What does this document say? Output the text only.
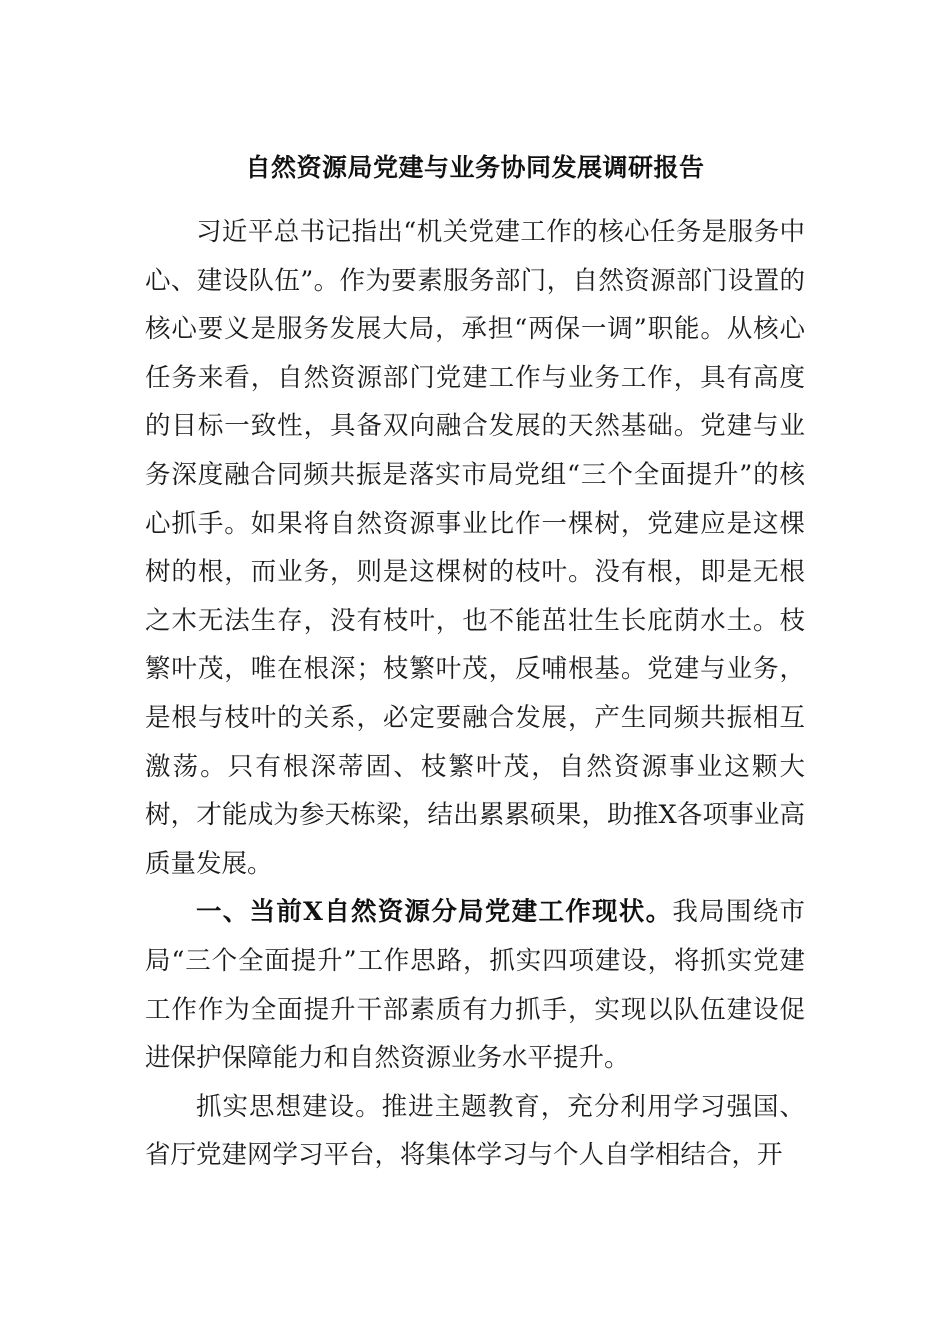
自然资源局党建与业务协同发展调研报告

习近平总书记指出“机关党建工作的核心任务是服务中心、建设队伍”。作为要素服务部门，自然资源部门设置的核心要义是服务发展大局，承担“两保一调”职能。从核心任务来看，自然资源部门党建工作与业务工作，具有高度的目标一致性，具备双向融合发展的天然基础。党建与业务深度融合同频共振是落实市局党组“三个全面提升”的核心抓手。如果将自然资源事业比作一棵树，党建应是这棵树的根，而业务，则是这棵树的枝叶。没有根，即是无根之木无法生存，没有枝叶，也不能茁壮生长庇荫水土。枝繁叶茂，唯在根深；枝繁叶茂，反哺根基。党建与业务，是根与枝叶的关系，必定要融合发展，产生同频共振相互激荡。只有根深蒂固、枝繁叶茂，自然资源事业这颗大树，才能成为参天栋梁，结出累累硕果，助推X各项事业高质量发展。

一、当前X自然资源分局党建工作现状。我局围绕市局“三个全面提升”工作思路，抓实四项建设，将抓实党建工作作为全面提升干部素质有力抓手，实现以队伍建设促进保护保障能力和自然资源业务水平提升。

抓实思想建设。推进主题教育，充分利用学习强国、省厅党建网学习平台，将集体学习与个人自学相结合，开
